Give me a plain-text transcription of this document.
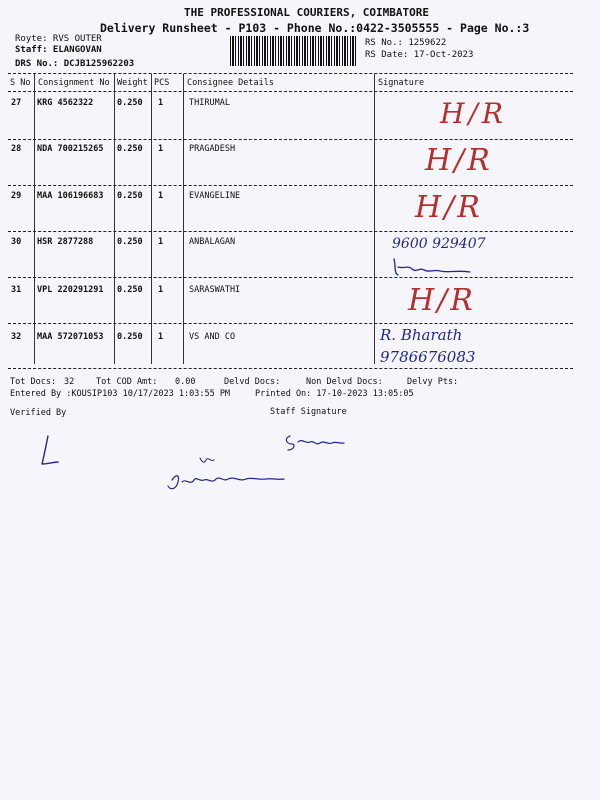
THE PROFESSIONAL COURIERS, COIMBATORE
Delivery Runsheet - P103 - Phone No.:0422-3505555 - Page No.:3
Royte: RVS OUTER
Staff: ELANGOVAN
DRS No.: DCJB125962203
RS No.: 1259622
RS Date: 17-Oct-2023
S No Consignment No Weight PCS Consignee Details	Signature
27 KRG 4562322	0.250 1	THIRUMAL	H/R
28 NDA 700215265 0.250 1	PRAGADESH	H/R
29 MAA 106196683 0.250 1	EVANGELINE	H/R
30 HSR 2877288	0.250 1	ANBALAGAN	9600 929407
31 VPL 220291291 0.250 1	SARASWATHI	H/R
32 MAA 572071053 0.250 1	VS AND CO	R. Bharath 9786676083
Tot Docs: 32	Tot COD Amt: 0.00	Delvd Docs:	Non Delvd Docs:	Delvy Pts:
Entered By :KOUSIP103 10/17/2023 1:03:55 PM	Printed On: 17-10-2023 13:05:05
Verified By	Staff Signature
